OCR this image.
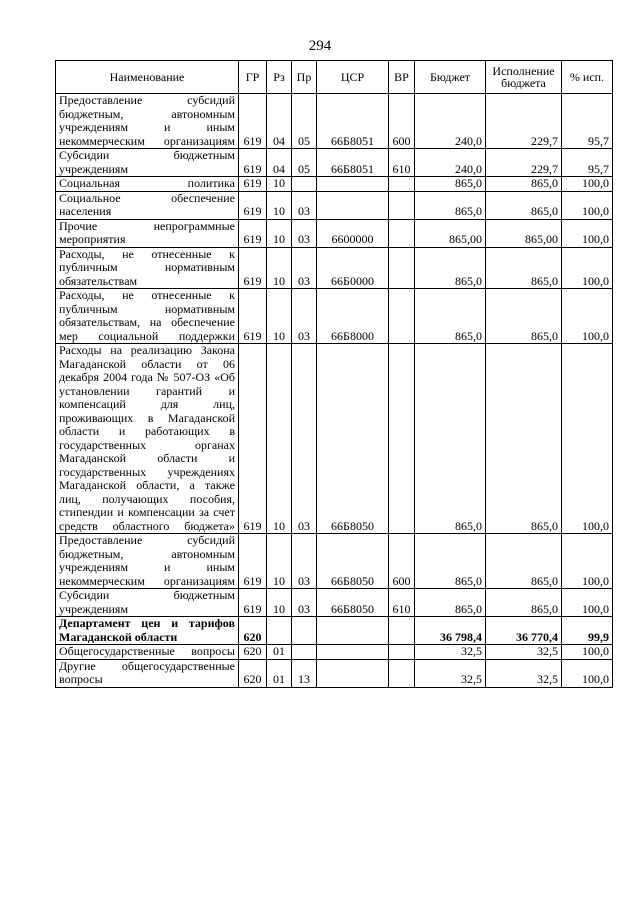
294
Наименование	ГР	Рз	Пр	ЦСР	ВР	Бюджет	Исполнение бюджета	% исп.
Предоставление субсидий бюджетным, автономным учреждениям и иным некоммерческим организациям	619	04	05	66Б8051	600	240,0	229,7	95,7
Субсидии бюджетным учреждениям	619	04	05	66Б8051	610	240,0	229,7	95,7
Социальная политика	619	10				865,0	865,0	100,0
Социальное обеспечение населения	619	10	03			865,0	865,0	100,0
Прочие непрограммные мероприятия	619	10	03	6600000		865,00	865,00	100,0
Расходы, не отнесенные к публичным нормативным обязательствам	619	10	03	66Б0000		865,0	865,0	100,0
Расходы, не отнесенные к публичным нормативным обязательствам, на обеспечение мер социальной поддержки	619	10	03	66Б8000		865,0	865,0	100,0
Расходы на реализацию Закона Магаданской области от 06 декабря 2004 года № 507-ОЗ «Об установлении гарантий и компенсаций для лиц, проживающих в Магаданской области и работающих в государственных органах Магаданской области и государственных учреждениях Магаданской области, а также лиц, получающих пособия, стипендии и компенсации за счет средств областного бюджета»	619	10	03	66Б8050		865,0	865,0	100,0
Предоставление субсидий бюджетным, автономным учреждениям и иным некоммерческим организациям	619	10	03	66Б8050	600	865,0	865,0	100,0
Субсидии бюджетным учреждениям	619	10	03	66Б8050	610	865,0	865,0	100,0
Департамент цен и тарифов Магаданской области	620					36 798,4	36 770,4	99,9
Общегосударственные вопросы	620	01				32,5	32,5	100,0
Другие общегосударственные вопросы	620	01	13			32,5	32,5	100,0
